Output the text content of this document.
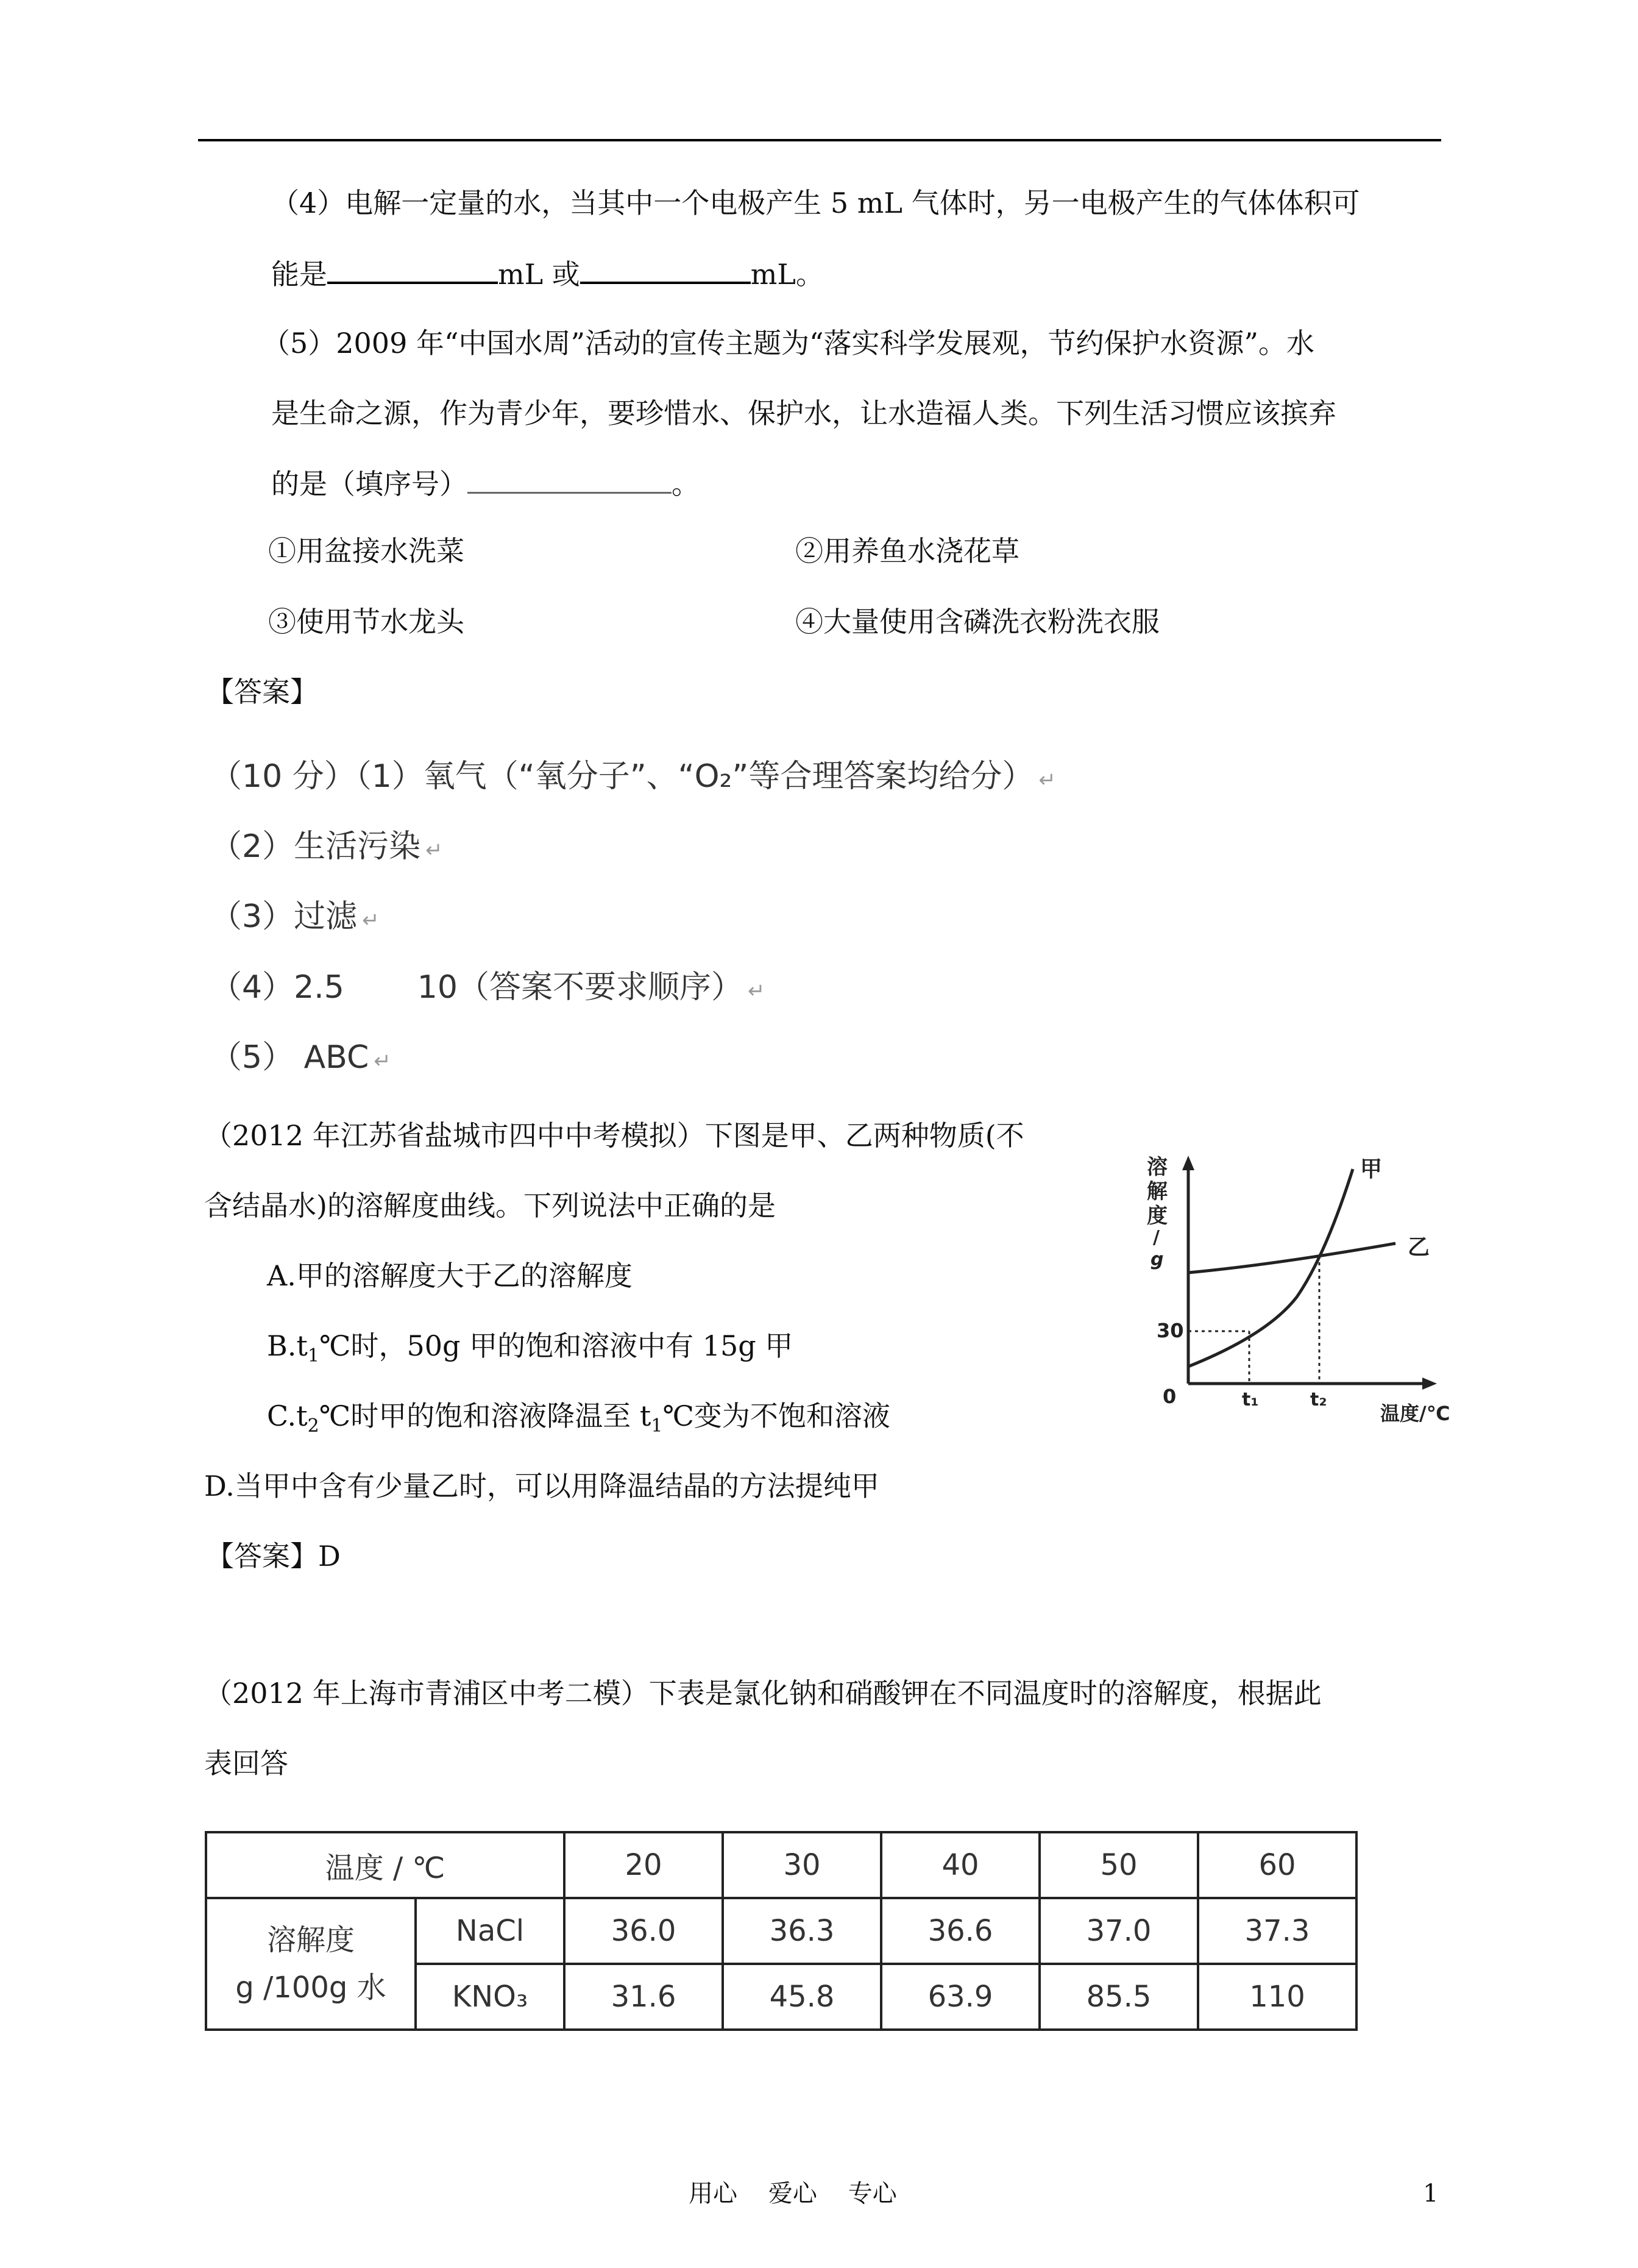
（4）电解一定量的水，当其中一个电极产生 5 mL 气体时，另一电极产生的气体体积可
能是	mL 或	mL。
（5）2009 年“中国水周”活动的宣传主题为“落实科学发展观，节约保护水资源”。水
是生命之源，作为青少年，要珍惜水、保护水，让水造福人类。下列生活习惯应该摈弃
的是（填序号）	。
①用盆接水洗菜	②用养鱼水浇花草
③使用节水龙头	④大量使用含磷洗衣粉洗衣服
【答案】
（10 分）（1）氧气（“氧分子”、“O₂”等合理答案均给分） ↵
（2）生活污染 ↵
（3）过滤 ↵
（4）2.5 10（答案不要求顺序） ↵
（5） ABC ↵
（2012 年江苏省盐城市四中中考模拟）下图是甲、乙两种物质(不
含结晶水)的溶解度曲线。下列说法中正确的是
A.甲的溶解度大于乙的溶解度
$B.t_1℃$时，50g 甲的饱和溶液中有 15g 甲
$C.t_2℃$时甲的饱和溶液降温至 $t_1℃$变为不饱和溶液
D.当甲中含有少量乙时，可以用降温结晶的方法提纯甲
【答案】D
溶
解
度
/
g
0
30
t₁	t₂
温度/℃
甲
乙
（2012 年上海市青浦区中考二模）下表是氯化钠和硝酸钾在不同温度时的溶解度，根据此
表回答
温度 / ℃		20	30	40	50	60

溶解度
g /100g 水	NaCl	36.0	36.3	36.6	37.0	37.3
	KNO₃	31.6	45.8	63.9	85.5	110
用心    爱心    专心	1
